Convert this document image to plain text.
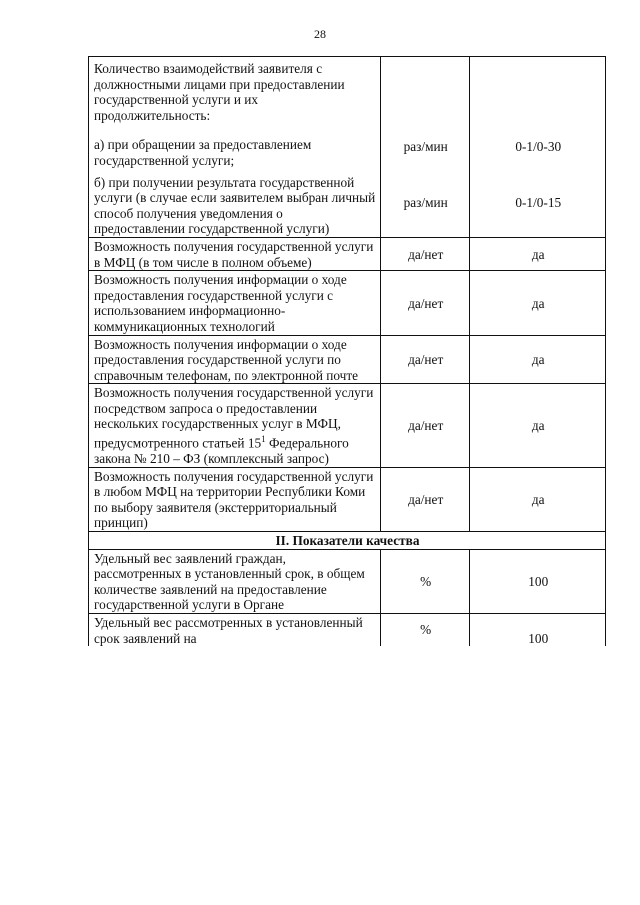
28
Количество взаимодействий заявителя с должностными лицами при предоставлении государственной услуги и их продолжительность:
а) при обращении за предоставлением государственной услуги;	раз/мин	0-1/0-30

б) при получении результата государственной услуги (в случае если заявителем выбран личный способ получения уведомления о предоставлении государственной услуги)	раз/мин	0-1/0-15
Возможность получения государственной услуги в МФЦ (в том числе в полном объеме)	да/нет	да
Возможность получения информации о ходе предоставления государственной услуги с использованием информационно-коммуникационных технологий	да/нет	да
Возможность получения информации о ходе предоставления государственной услуги по справочным телефонам, по электронной почте	да/нет	да
Возможность получения государственной услуги посредством запроса о предоставлении нескольких государственных услуг в МФЦ, предусмотренного статьей $15^1$ Федерального закона № 210 – ФЗ (комплексный запрос)	да/нет	да
Возможность получения государственной услуги в любом МФЦ на территории Республики Коми по выбору заявителя (экстерриториальный принцип)	да/нет	да
II. Показатели качества		
Удельный вес заявлений граждан, рассмотренных в установленный срок, в общем количестве заявлений на предоставление государственной услуги в Органе	%	100
Удельный вес рассмотренных в установленный срок заявлений на	%	100
